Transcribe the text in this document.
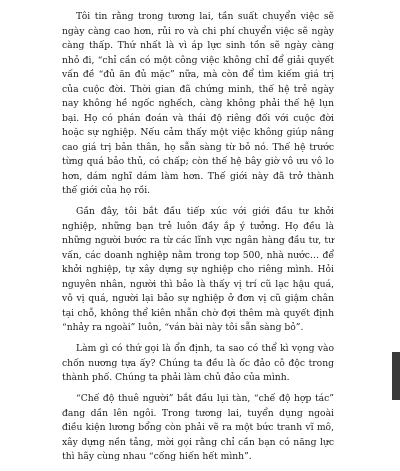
Tôi tin rằng trong tương lai, tần suất chuyển việc sẽ ngày càng cao hơn, rủi ro và chi phí chuyển việc sẽ ngày càng thấp. Thứ nhất là vì áp lực sinh tồn sẽ ngày càng nhỏ đi, “chỉ cần có một công việc không chỉ để giải quyết vấn đề “đủ ăn đủ mặc” nữa, mà còn để tìm kiếm giá trị của cuộc đời. Thời gian đã chứng minh, thế hệ trẻ ngày nay không hề ngốc nghếch, càng không phải thế hệ lụn bại. Họ có phán đoán và thái độ riêng đối với cuộc đời hoặc sự nghiệp. Nếu cảm thấy một việc không giúp nâng cao giá trị bản thân, họ sẵn sàng từ bỏ nó. Thế hệ trước từng quá bảo thủ, có chấp; còn thế hệ bây giờ vô ưu vô lo hơn, dám nghĩ dám làm hơn. Thế giới này đã trở thành thế giới của họ rồi.

Gần đây, tôi bắt đầu tiếp xúc với giới đầu tư khởi nghiệp, những bạn trẻ luôn đầy ắp ý tưởng. Họ đều là những người bước ra từ các lĩnh vực ngân hàng đầu tư, tư vấn, các doanh nghiệp nằm trong top 500, nhà nước… để khởi nghiệp, tự xây dựng sự nghiệp cho riêng mình. Hỏi nguyên nhân, người thì bảo là thấy vị trí cũ lạc hậu quá, vô vị quá, người lại bảo sự nghiệp ở đơn vị cũ giậm chân tại chỗ, không thể kiên nhẫn chờ đợi thêm mà quyết định “nhảy ra ngoài” luôn, “ván bài này tôi sẵn sàng bỏ”.

Làm gì có thứ gọi là ổn định, ta sao có thể kì vọng vào chốn nương tựa ấy? Chúng ta đều là ốc đảo cô độc trong thành phố. Chúng ta phải làm chủ đảo của mình.

“Chế độ thuê người” bắt đầu lụi tàn, “chế độ hợp tác” đang dần lên ngôi. Trong tương lai, tuyển dụng ngoài điều kiện lương bổng còn phải vẽ ra một bức tranh vĩ mô, xây dựng nền tảng, mời gọi rằng chỉ cần bạn có năng lực thì hãy cùng nhau “cống hiến hết mình”.
